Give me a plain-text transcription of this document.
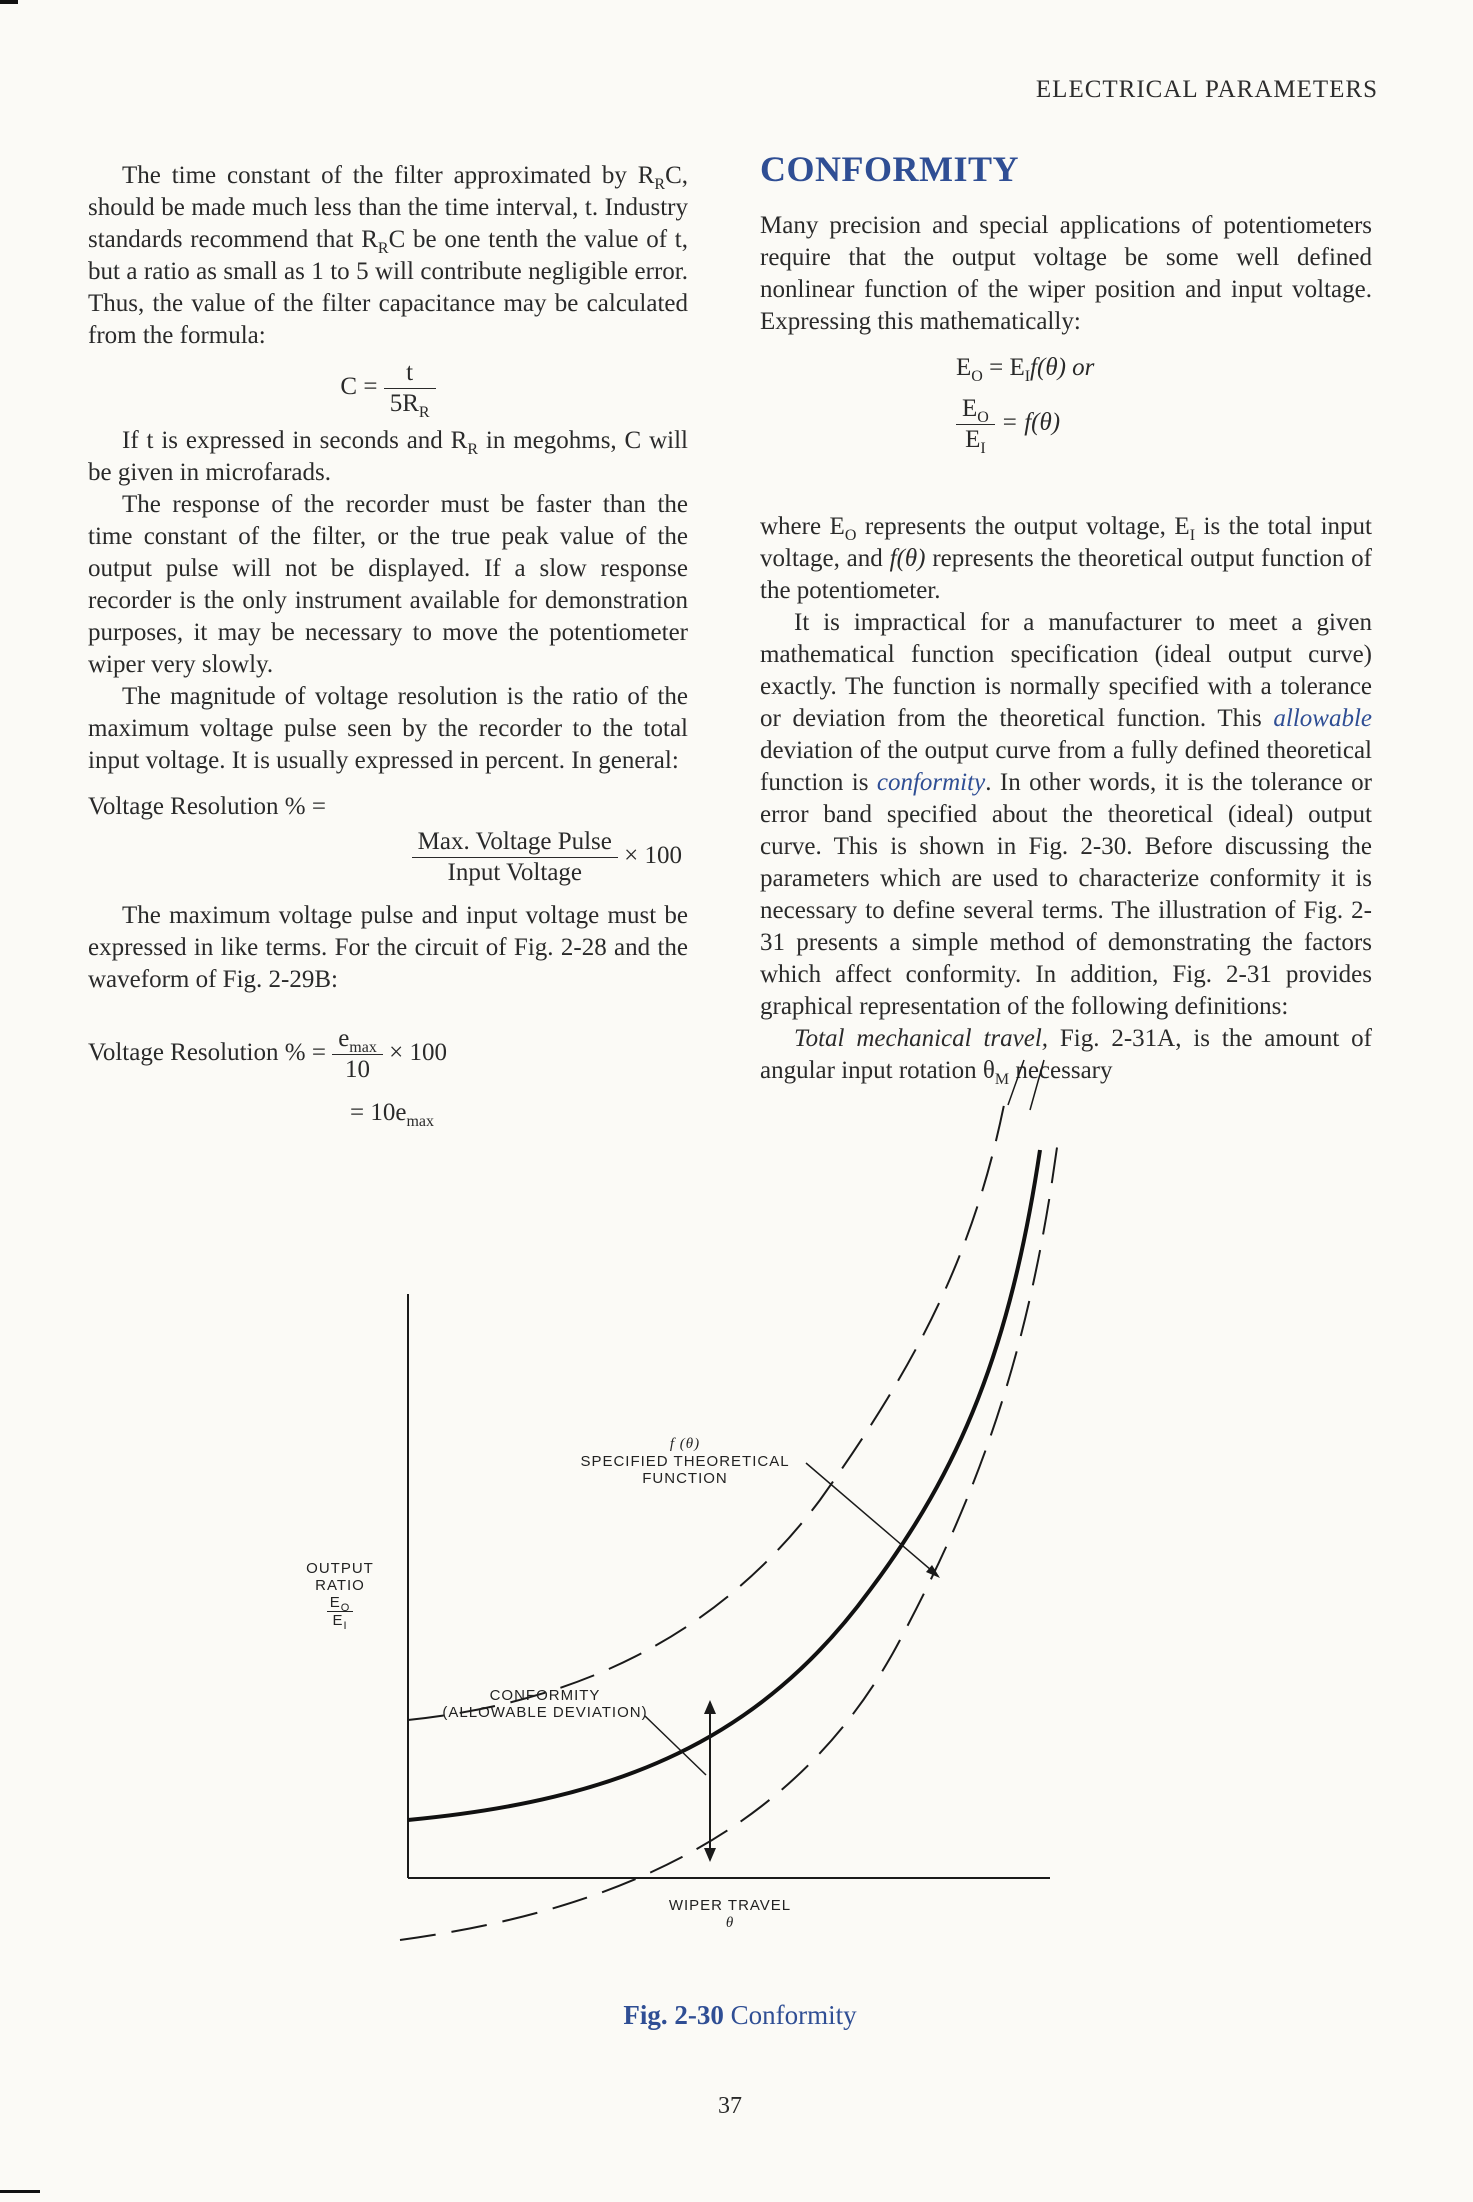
ELECTRICAL PARAMETERS

The time constant of the filter approximated by $R_RC$, should be made much less than the time interval, t. Industry standards recommend that $R_RC$ be one tenth the value of t, but a ratio as small as 1 to 5 will contribute negligible error. Thus, the value of the filter capacitance may be calculated from the formula:

$C = \frac{t}{5R_R}$

If t is expressed in seconds and $R_R$ in megohms, C will be given in microfarads.

The response of the recorder must be faster than the time constant of the filter, or the true peak value of the output pulse will not be displayed. If a slow response recorder is the only instrument available for demonstration purposes, it may be necessary to move the potentiometer wiper very slowly.

The magnitude of voltage resolution is the ratio of the maximum voltage pulse seen by the recorder to the total input voltage. It is usually expressed in percent. In general:

Voltage Resolution % =

$\frac{\text{Max. Voltage Pulse}}{\text{Input Voltage}} \times 100$

The maximum voltage pulse and input voltage must be expressed in like terms. For the circuit of Fig. 2-28 and the waveform of Fig. 2-29B:

Voltage Resolution % = $\frac{e_{max}}{10} \times 100$
= $10e_{max}$
CONFORMITY

Many precision and special applications of potentiometers require that the output voltage be some well defined nonlinear function of the wiper position and input voltage. Expressing this mathematically:

$E_O = E_If(\theta)$ or
$\frac{E_O}{E_I} = f(\theta)$

where $E_O$ represents the output voltage, $E_I$ is the total input voltage, and f(θ) represents the theoretical output function of the potentiometer.

It is impractical for a manufacturer to meet a given mathematical function specification (ideal output curve) exactly. The function is normally specified with a tolerance or deviation from the theoretical function. This allowable deviation of the output curve from a fully defined theoretical function is conformity. In other words, it is the tolerance or error band specified about the theoretical (ideal) output curve. This is shown in Fig. 2-30. Before discussing the parameters which are used to characterize conformity it is necessary to define several terms. The illustration of Fig. 2-31 presents a simple method of demonstrating the factors which affect conformity. In addition, Fig. 2-31 provides graphical representation of the following definitions:

Total mechanical travel, Fig. 2-31A, is the amount of angular input rotation $\theta_M$ necessary

f (θ)
SPECIFIED THEORETICAL
FUNCTION
OUTPUT
RATIO
$E_O$
$E_I$
CONFORMITY
(ALLOWABLE DEVIATION)
WIPER TRAVEL
θ
Fig. 2-30 Conformity
37
